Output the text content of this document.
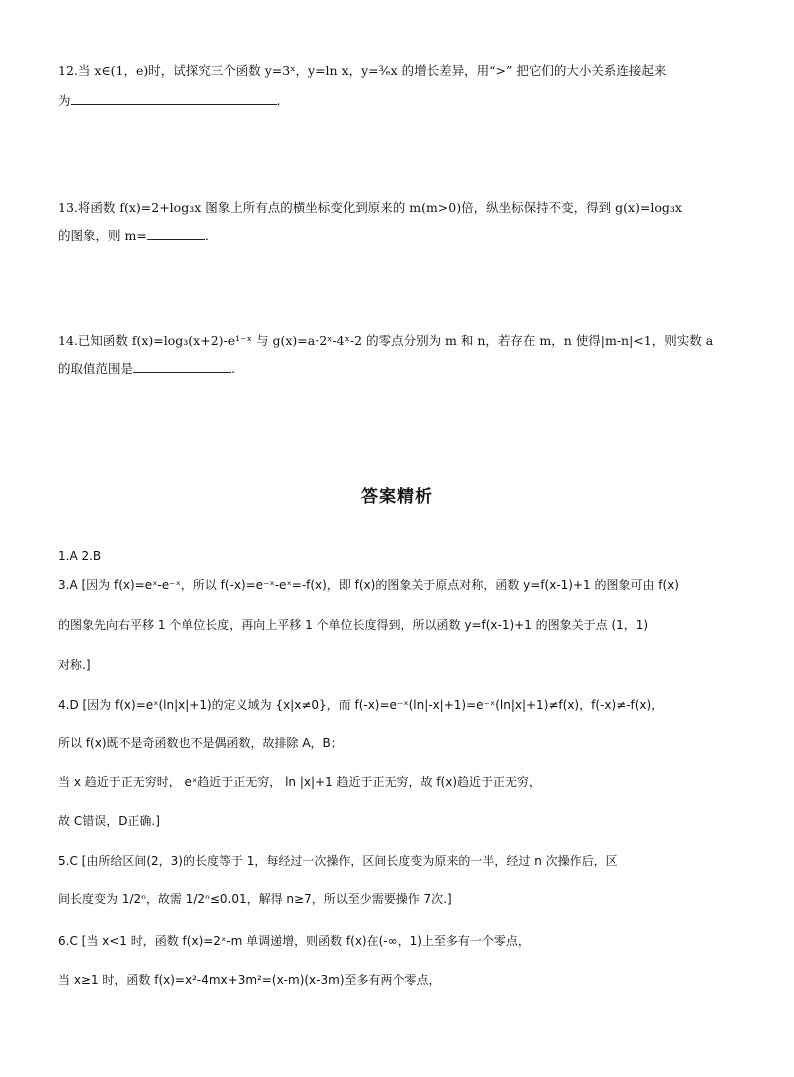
12.当 x∈(1，e)时，试探究三个函数 y=3ˣ，y=ln x，y=³⁄ₑx 的增长差异，用“>” 把它们的大小关系连接起来
为	.
13.将函数 f(x)=2+log₃x 图象上所有点的横坐标变化到原来的 m(m>0)倍，纵坐标保持不变，得到 g(x)=log₃x
的图象，则 m=	.
14.已知函数 f(x)=log₃(x+2)-e¹⁻ˣ 与 g(x)=a·2ˣ-4ˣ-2 的零点分别为 m 和 n，若存在 m，n 使得|m-n|<1，则实数 a
的取值范围是	.
答案精析
1.A 2.B
3.A [因为 f(x)=eˣ-e⁻ˣ，所以 f(-x)=e⁻ˣ-eˣ=-f(x)，即 f(x)的图象关于原点对称，函数 y=f(x-1)+1 的图象可由 f(x)
的图象先向右平移 1 个单位长度，再向上平移 1 个单位长度得到，所以函数 y=f(x-1)+1 的图象关于点 (1，1)
对称.]
4.D [因为 f(x)=eˣ(ln|x|+1)的定义域为 {x|x≠0}，而 f(-x)=e⁻ˣ(ln|-x|+1)=e⁻ˣ(ln|x|+1)≠f(x)，f(-x)≠-f(x)，
所以 f(x)既不是奇函数也不是偶函数，故排除 A，B；
当 x 趋近于正无穷时， eˣ趋近于正无穷， ln |x|+1 趋近于正无穷，故 f(x)趋近于正无穷，
故 C错误，D正确.]
5.C [由所给区间(2，3)的长度等于 1，每经过一次操作，区间长度变为原来的一半，经过 n 次操作后，区
间长度变为 1/2ⁿ，故需 1/2ⁿ≤0.01，解得 n≥7，所以至少需要操作 7次.]
6.C [当 x<1 时，函数 f(x)=2ˣ-m 单调递增，则函数 f(x)在(-∞，1)上至多有一个零点，
当 x≥1 时，函数 f(x)=x²-4mx+3m²=(x-m)(x-3m)至多有两个零点，
